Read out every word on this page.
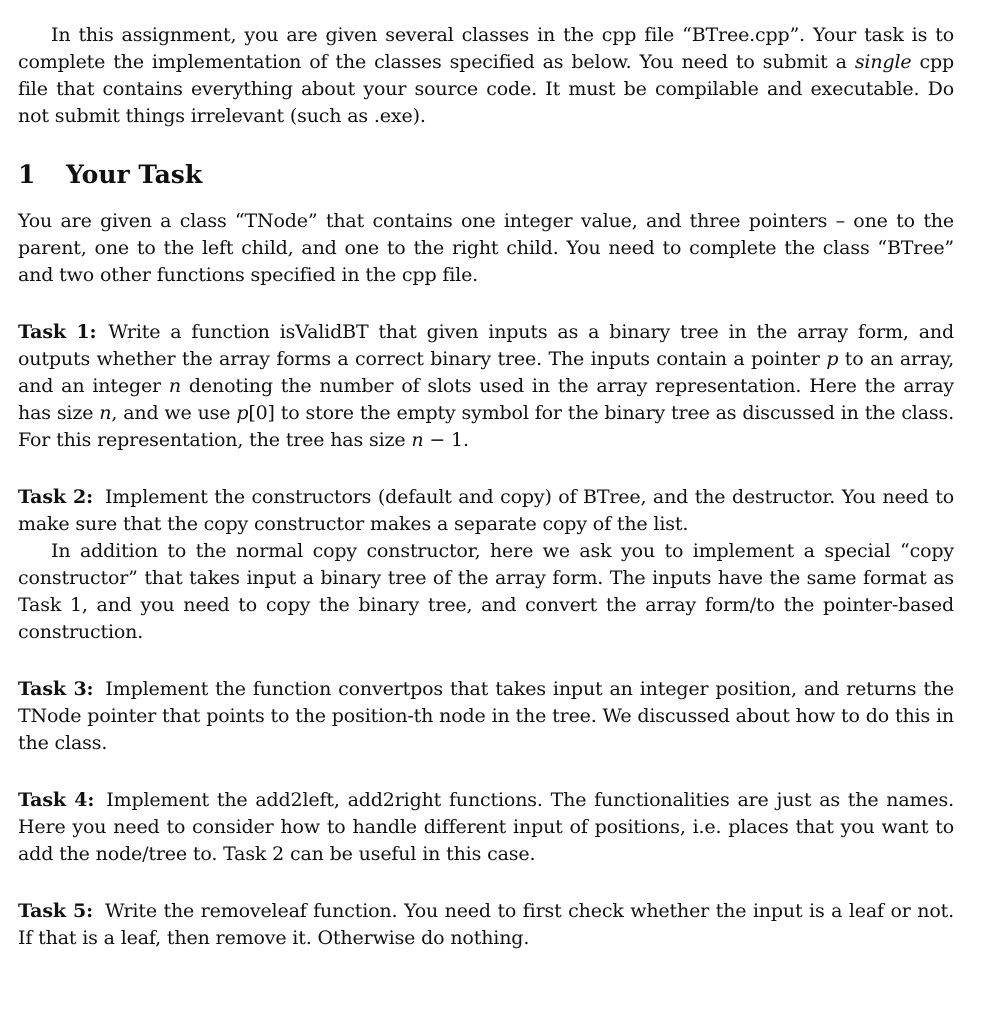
In this assignment, you are given several classes in the cpp file “BTree.cpp”. Your task is to complete the implementation of the classes specified as below. You need to submit a single cpp file that contains everything about your source code. It must be compilable and executable. Do not submit things irrelevant (such as .exe).

1 Your Task

You are given a class “TNode” that contains one integer value, and three pointers – one to the parent, one to the left child, and one to the right child. You need to complete the class “BTree” and two other functions specified in the cpp file.

Task 1: Write a function isValidBT that given inputs as a binary tree in the array form, and outputs whether the array forms a correct binary tree. The inputs contain a pointer p to an array, and an integer n denoting the number of slots used in the array representation. Here the array has size n, and we use p[0] to store the empty symbol for the binary tree as discussed in the class. For this representation, the tree has size n − 1.

Task 2: Implement the constructors (default and copy) of BTree, and the destructor. You need to make sure that the copy constructor makes a separate copy of the list.

In addition to the normal copy constructor, here we ask you to implement a special “copy constructor” that takes input a binary tree of the array form. The inputs have the same format as Task 1, and you need to copy the binary tree, and convert the array form/to the pointer-based construction.

Task 3: Implement the function convertpos that takes input an integer position, and returns the TNode pointer that points to the position-th node in the tree. We discussed about how to do this in the class.

Task 4: Implement the add2left, add2right functions. The functionalities are just as the names. Here you need to consider how to handle different input of positions, i.e. places that you want to add the node/tree to. Task 2 can be useful in this case.

Task 5: Write the removeleaf function. You need to first check whether the input is a leaf or not. If that is a leaf, then remove it. Otherwise do nothing.
